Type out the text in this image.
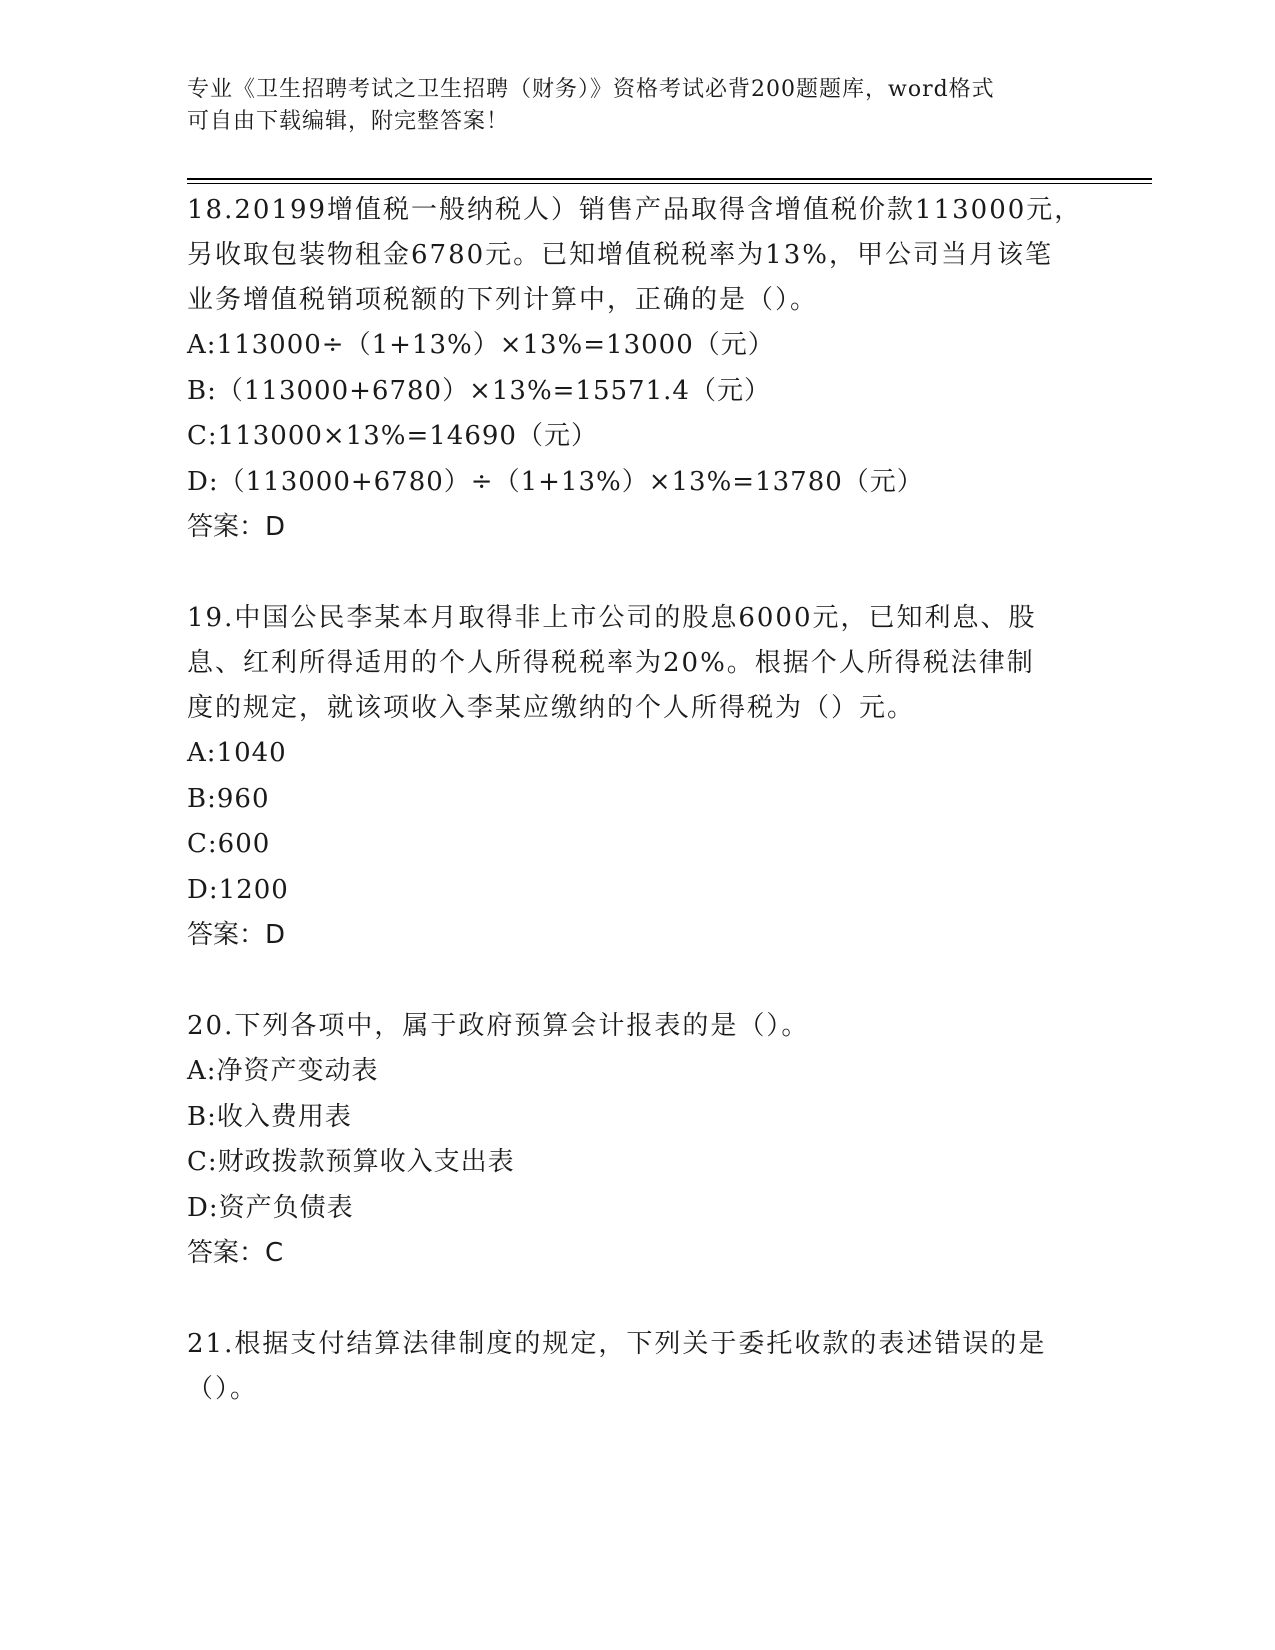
专业《卫生招聘考试之卫生招聘（财务）》资格考试必背200题题库，word格式
可自由下载编辑，附完整答案！
18.20199增值税一般纳税人）销售产品取得含增值税价款113000元，
另收取包装物租金6780元。已知增值税税率为13%，甲公司当月该笔
业务增值税销项税额的下列计算中，正确的是（）。
A:113000÷（1+13%）×13%=13000（元）
B:（113000+6780）×13%=15571.4（元）
C:113000×13%=14690（元）
D:（113000+6780）÷（1+13%）×13%=13780（元）
答案：D
19.中国公民李某本月取得非上市公司的股息6000元，已知利息、股
息、红利所得适用的个人所得税税率为20%。根据个人所得税法律制
度的规定，就该项收入李某应缴纳的个人所得税为（）元。
A:1040
B:960
C:600
D:1200
答案：D
20.下列各项中，属于政府预算会计报表的是（）。
A:净资产变动表
B:收入费用表
C:财政拨款预算收入支出表
D:资产负债表
答案：C
21.根据支付结算法律制度的规定，下列关于委托收款的表述错误的是
（）。
